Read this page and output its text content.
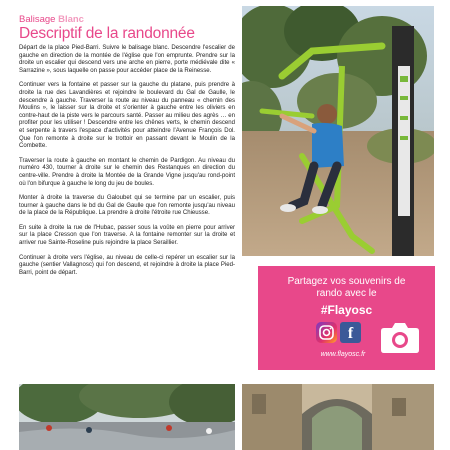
Balisage Blanc
Descriptif de la randonnée

Départ de la place Pied-Barri. Suivre le balisage blanc. Descendre l'escalier de gauche en direction de la montée de l'église que l'on emprunte. Prendre sur la droite un escalier qui descend vers une arche en pierre, porte médiévale dite « Sarrazine », sous laquelle on passe pour accéder place de la Reinesse.

Continuer vers la fontaine et passer sur la gauche du platane, puis prendre à droite la rue des Lavandières et rejoindre le boulevard du Gal de Gaulle, le descendre à gauche. Traverser la route au niveau du panneau « chemin des Moulins », le laisser sur la droite et s'orienter à gauche entre les oliviers en contre-haut de la piste vers le parcours santé. Passer au milieu des agrès … en profiter pour les utiliser ! Descendre entre les chênes verts, le chemin descend et serpente à travers l'espace d'activités pour atteindre l'Avenue François Dol. Que l'on remonte à droite sur le trottoir en passant devant le Moulin de la Combette.

Traverser la route à gauche en montant le chemin de Pardigon. Au niveau du numéro 430, tourner à droite sur le chemin des Restanques en direction du centre-ville. Prendre à droite la Montée de la Grande Vigne jusqu'au rond-point où l'on bifurque à gauche le long du jeu de boules.

Monter à droite la traverse du Galoubet qui se termine par un escalier, puis tourner à gauche dans le bd du Gal de Gaulle que l'on remonte jusqu'au niveau de la place de la République. La prendre à droite l'étroite rue Chieusse.

En suite à droite la rue de l'Hubac, passer sous la voûte en pierre pour arriver sur la place Cresson que l'on traverse. A la fontaine remonter sur la droite et arriver rue Sainte-Roseline puis rejoindre la place Seraillier.

Continuer à droite vers l'église, au niveau de celle-ci repérer un escalier sur la gauche (sentier Vallagnosc) qui l'on descend, et rejoindre à droite la place Pied-Barri, point de départ.

Partagez vos souvenirs de
rando avec le
#Flayosc
f
www.flayosc.fr
